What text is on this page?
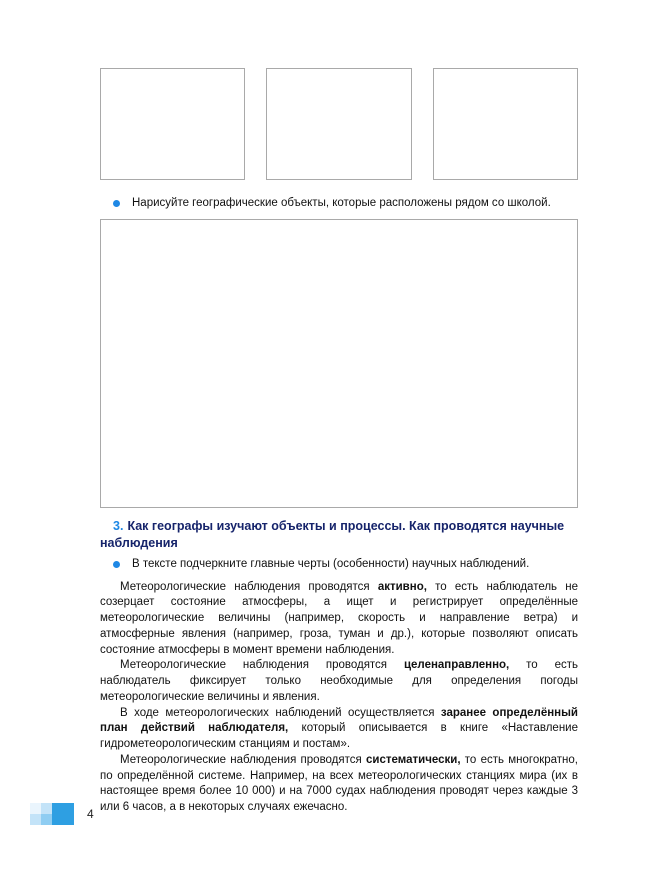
Нарисуйте географические объекты, которые расположены рядом со школой.
3. Как географы изучают объекты и процессы. Как проводятся научные наблюдения
В тексте подчеркните главные черты (особенности) научных наблюдений.

Метеорологические наблюдения проводятся активно, то есть наблюдатель не созерцает состояние атмосферы, а ищет и регистрирует определённые метеорологические величины (например, скорость и направление ветра) и атмосферные явления (например, гроза, туман и др.), которые позволяют описать состояние атмосферы в момент времени наблюдения.

Метеорологические наблюдения проводятся целенаправленно, то есть наблюдатель фиксирует только необходимые для определения погоды метеорологические величины и явления.

В ходе метеорологических наблюдений осуществляется заранее определённый план действий наблюдателя, который описывается в книге «Наставление гидрометеорологическим станциям и постам».

Метеорологические наблюдения проводятся систематически, то есть многократно, по определённой системе. Например, на всех метеорологических станциях мира (их в настоящее время более 10 000) и на 7000 судах наблюдения проводят через каждые 3 или 6 часов, а в некоторых случаях ежечасно.

4
